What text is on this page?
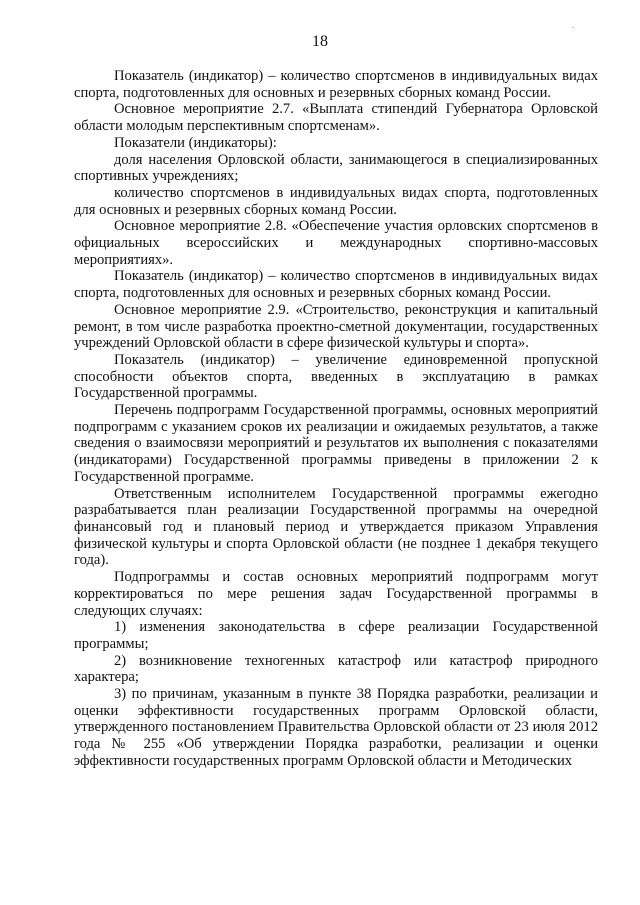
.
18

Показатель (индикатор) – количество спортсменов в индивидуальных видах спорта, подготовленных для основных и резервных сборных команд России.

Основное мероприятие 2.7. «Выплата стипендий Губернатора Орловской области молодым перспективным спортсменам».

Показатели (индикаторы):

доля населения Орловской области, занимающегося в специализированных спортивных учреждениях;

количество спортсменов в индивидуальных видах спорта, подготовленных для основных и резервных сборных команд России.

Основное мероприятие 2.8. «Обеспечение участия орловских спортсменов в официальных всероссийских и международных спортивно-массовых мероприятиях».

Показатель (индикатор) – количество спортсменов в индивидуальных видах спорта, подготовленных для основных и резервных сборных команд России.

Основное мероприятие 2.9. «Строительство, реконструкция и капитальный ремонт, в том числе разработка проектно-сметной документации, государственных учреждений Орловской области в сфере физической культуры и спорта».

Показатель (индикатор) – увеличение единовременной пропускной способности объектов спорта, введенных в эксплуатацию в рамках Государственной программы.

Перечень подпрограмм Государственной программы, основных мероприятий подпрограмм с указанием сроков их реализации и ожидаемых результатов, а также сведения о взаимосвязи мероприятий и результатов их выполнения с показателями (индикаторами) Государственной программы приведены в приложении 2 к Государственной программе.

Ответственным исполнителем Государственной программы ежегодно разрабатывается план реализации Государственной программы на очередной финансовый год и плановый период и утверждается приказом Управления физической культуры и спорта Орловской области (не позднее 1 декабря текущего года).

Подпрограммы и состав основных мероприятий подпрограмм могут корректироваться по мере решения задач Государственной программы в следующих случаях:

1) изменения законодательства в сфере реализации Государственной программы;

2) возникновение техногенных катастроф или катастроф природного характера;

3) по причинам, указанным в пункте 38 Порядка разработки, реализации и оценки эффективности государственных программ Орловской области, утвержденного постановлением Правительства Орловской области от 23 июля 2012 года № 255 «Об утверждении Порядка разработки, реализации и оценки эффективности государственных программ Орловской области и Методических
